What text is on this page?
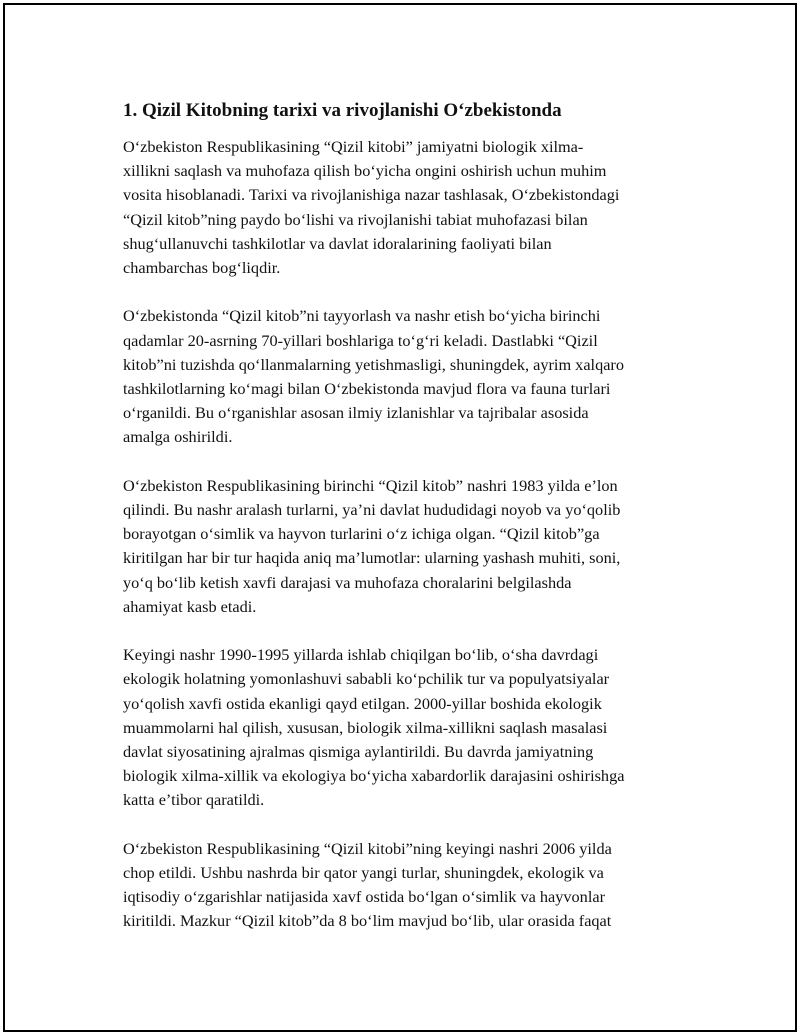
1. Qizil Kitobning tarixi va rivojlanishi O‘zbekistonda
O‘zbekiston Respublikasining “Qizil kitobi” jamiyatni biologik xilma-
xillikni saqlash va muhofaza qilish bo‘yicha ongini oshirish uchun muhim
vosita hisoblanadi. Tarixi va rivojlanishiga nazar tashlasak, O‘zbekistondagi
“Qizil kitob”ning paydo bo‘lishi va rivojlanishi tabiat muhofazasi bilan
shug‘ullanuvchi tashkilotlar va davlat idoralarining faoliyati bilan
chambarchas bog‘liqdir.
O‘zbekistonda “Qizil kitob”ni tayyorlash va nashr etish bo‘yicha birinchi
qadamlar 20-asrning 70-yillari boshlariga to‘g‘ri keladi. Dastlabki “Qizil
kitob”ni tuzishda qo‘llanmalarning yetishmasligi, shuningdek, ayrim xalqaro
tashkilotlarning ko‘magi bilan O‘zbekistonda mavjud flora va fauna turlari
o‘rganildi. Bu o‘rganishlar asosan ilmiy izlanishlar va tajribalar asosida
amalga oshirildi.
O‘zbekiston Respublikasining birinchi “Qizil kitob” nashri 1983 yilda e’lon
qilindi. Bu nashr aralash turlarni, ya’ni davlat hududidagi noyob va yo‘qolib
borayotgan o‘simlik va hayvon turlarini o‘z ichiga olgan. “Qizil kitob”ga
kiritilgan har bir tur haqida aniq ma’lumotlar: ularning yashash muhiti, soni,
yo‘q bo‘lib ketish xavfi darajasi va muhofaza choralarini belgilashda
ahamiyat kasb etadi.
Keyingi nashr 1990-1995 yillarda ishlab chiqilgan bo‘lib, o‘sha davrdagi
ekologik holatning yomonlashuvi sababli ko‘pchilik tur va populyatsiyalar
yo‘qolish xavfi ostida ekanligi qayd etilgan. 2000-yillar boshida ekologik
muammolarni hal qilish, xususan, biologik xilma-xillikni saqlash masalasi
davlat siyosatining ajralmas qismiga aylantirildi. Bu davrda jamiyatning
biologik xilma-xillik va ekologiya bo‘yicha xabardorlik darajasini oshirishga
katta e’tibor qaratildi.
O‘zbekiston Respublikasining “Qizil kitobi”ning keyingi nashri 2006 yilda
chop etildi. Ushbu nashrda bir qator yangi turlar, shuningdek, ekologik va
iqtisodiy o‘zgarishlar natijasida xavf ostida bo‘lgan o‘simlik va hayvonlar
kiritildi. Mazkur “Qizil kitob”da 8 bo‘lim mavjud bo‘lib, ular orasida faqat
